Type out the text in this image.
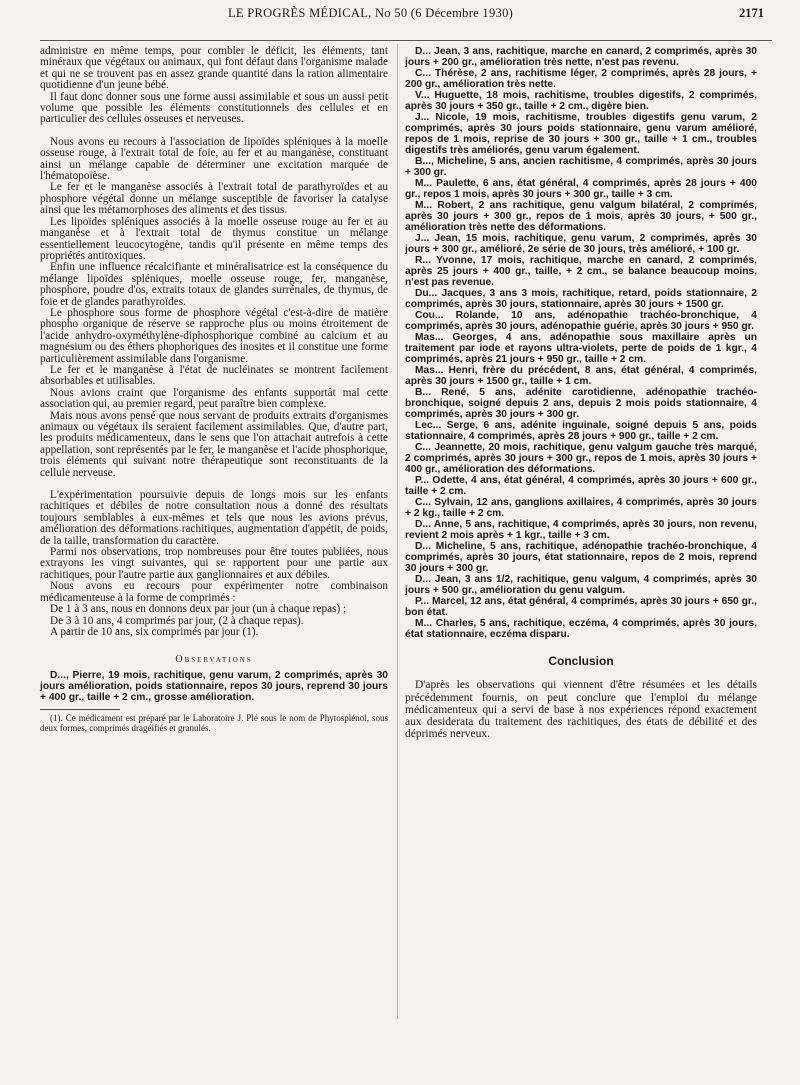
LE PROGRÈS MÉDICAL, No 50 (6 Décembre 1930)	2171

administre en même temps, pour combler le déficit, les éléments, tant minéraux que végétaux ou animaux, qui font défaut dans l'organisme malade et qui ne se trouvent pas en assez grande quantité dans la ration alimentaire quotidienne d'un jeune bébé.

Il faut donc donner sous une forme aussi assimilable et sous un aussi petit volume que possible les éléments constitutionnels des cellules et en particulier des cellules osseuses et nerveuses.

Nous avons eu recours à l'association de lipoïdes spléniques à la moelle osseuse rouge, à l'extrait total de foie, au fer et au manganèse, constituant ainsi un mélange capable de déterminer une excitation marquée de l'hématopoïèse.

Le fer et le manganèse associés à l'extrait total de parathyroïdes et au phosphore végétal donne un mélange susceptible de favoriser la catalyse ainsi que les métamorphoses des aliments et des tissus.

Les lipoïdes spléniques associés à la moelle osseuse rouge au fer et au manganèse et à l'extrait total de thymus constitue un mélange essentiellement leucocytogène, tandis qu'il présente en même temps des propriétés antitoxiques.

Enfin une influence récalcifiante et minéralisatrice est la conséquence du mélange lipoïdes spléniques, moelle osseuse rouge, fer, manganèse, phosphore, poudre d'os, extraits totaux de glandes surrénales, de thymus, de foie et de glandes parathyroïdes.

Le phosphore sous forme de phosphore végétal c'est-à-dire de matière phospho organique de réserve se rapproche plus ou moins étroitement de l'acide anhydro-oxyméthylène-diphosphorique combiné au calcium et au magnésium ou des éthers phophoriques des inosites et il constitue une forme particulièrement assimilable dans l'organisme.

Le fer et le manganèse à l'état de nucléinates se montrent facilement absorbables et utilisables.

Nous avions craint que l'organisme des enfants supportât mal cette association qui, au premier regard, peut paraître bien complexe.

Mais nous avons pensé que nous servant de produits extraits d'organismes animaux ou végétaux ils seraient facilement assimilables. Que, d'autre part, les produits médicamenteux, dans le sens que l'on attachait autrefois à cette appellation, sont représentés par le fer, le manganèse et l'acide phosphorique, trois éléments qui suivant notre thérapeutique sont reconstituants de la cellule nerveuse.

L'expérimentation poursuivie depuis de longs mois sur les enfants rachitiques et débiles de notre consultation nous a donné des résultats toujours semblables à eux-mêmes et tels que nous les avions prévus, amélioration des déformations rachitiques, augmentation d'appétit, de poids, de la taille, transformation du caractère.

Parmi nos observations, trop nombreuses pour être toutes publiées, nous extrayons les vingt suivantes, qui se rapportent pour une partie aux rachitiques, pour l'autre partie aux ganglionnaires et aux débiles.

Nous avons eu recours pour expérimenter notre combinaison médicamenteuse à la forme de comprimés :

De 1 à 3 ans, nous en donnons deux par jour (un à chaque repas) ;

De 3 à 10 ans, 4 comprimés par jour, (2 à chaque repas).

A partir de 10 ans, six comprimés par jour (1).

Observations

D..., Pierre, 19 mois, rachitique, genu varum, 2 comprimés, après 30 jours amélioration, poids stationnaire, repos 30 jours, reprend 30 jours + 400 gr., taille + 2 cm., grosse amélioration.

(1). Ce médicament est préparé par le Laboratoire J. Plé sous le nom de Phytosplénol, sous deux formes, comprimés dragéifiés et granulés.

D... Jean, 3 ans, rachitique, marche en canard, 2 comprimés, après 30 jours + 200 gr., amélioration très nette, n'est pas revenu.

C... Thérèse, 2 ans, rachitisme léger, 2 comprimés, après 28 jours, + 200 gr., amélioration très nette.

V... Huguette, 18 mois, rachitisme, troubles digestifs, 2 comprimés, après 30 jours + 350 gr., taille + 2 cm., digère bien.

J... Nicole, 19 mois, rachitisme, troubles digestifs genu varum, 2 comprimés, après 30 jours poids stationnaire, genu varum amélioré, repos de 1 mois, reprise de 30 jours + 300 gr., taille + 1 cm., troubles digestifs très améliorés, genu varum également.

B..., Micheline, 5 ans, ancien rachitisme, 4 comprimés, après 30 jours + 300 gr.

M... Paulette, 6 ans, état général, 4 comprimés, après 28 jours + 400 gr., repos 1 mois, après 30 jours + 300 gr., taille + 3 cm.

M... Robert, 2 ans rachitique, genu valgum bilatéral, 2 comprimés, après 30 jours + 300 gr., repos de 1 mois, après 30 jours, + 500 gr., amélioration très nette des déformations.

J... Jean, 15 mois, rachitique, genu varum, 2 comprimés, après 30 jours + 300 gr., amélioré, 2e série de 30 jours, très amélioré, + 100 gr.

R... Yvonne, 17 mois, rachitique, marche en canard, 2 comprimés, après 25 jours + 400 gr., taille, + 2 cm., se balance beaucoup moins, n'est pas revenue.

Du... Jacques, 3 ans 3 mois, rachitique, retard, poids stationnaire, 2 comprimés, après 30 jours, stationnaire, après 30 jours + 1500 gr.

Cou... Rolande, 10 ans, adénopathie trachéo-bronchique, 4 comprimés, après 30 jours, adénopathie guérie, après 30 jours + 950 gr.

Mas... Georges, 4 ans, adénopathie sous maxillaire après un traitement par iode et rayons ultra-violets, perte de poids de 1 kgr., 4 comprimés, après 21 jours + 950 gr., taille + 2 cm.

Mas... Henri, frère du précédent, 8 ans, état général, 4 comprimés, après 30 jours + 1500 gr., taille + 1 cm.

B... René, 5 ans, adénite carotidienne, adénopathie trachéo-bronchique, soigné depuis 2 ans, depuis 2 mois poids stationnaire, 4 comprimés, après 30 jours + 300 gr.

Lec... Serge, 6 ans, adénite inguinale, soigné depuis 5 ans, poids stationnaire, 4 comprimés, après 28 jours + 900 gr., taille + 2 cm.

C... Jeannette, 20 mois, rachitique, genu valgum gauche très marqué, 2 comprimés, après 30 jours + 300 gr., repos de 1 mois, après 30 jours + 400 gr., amélioration des déformations.

P... Odette, 4 ans, état général, 4 comprimés, après 30 jours + 600 gr., taille + 2 cm.

C... Sylvain, 12 ans, ganglions axillaires, 4 comprimés, après 30 jours + 2 kg., taille + 2 cm.

D... Anne, 5 ans, rachitique, 4 comprimés, après 30 jours, non revenu, revient 2 mois après + 1 kgr., taille + 3 cm.

D... Micheline, 5 ans, rachitique, adénopathie trachéo-bronchique, 4 comprimés, après 30 jours, état stationnaire, repos de 2 mois, reprend 30 jours + 300 gr.

D... Jean, 3 ans 1/2, rachitique, genu valgum, 4 comprimés, après 30 jours + 500 gr., amélioration du genu valgum.

P... Marcel, 12 ans, état général, 4 comprimés, après 30 jours + 650 gr., bon état.

M... Charles, 5 ans, rachitique, eczéma, 4 comprimés, après 30 jours, état stationnaire, eczéma disparu.

Conclusion

D'après les observations qui viennent d'être résumées et les détails précédemment fournis, on peut conclure que l'emploi du mélange médicamenteux qui a servi de base à nos expériences répond exactement aux desiderata du traitement des rachitiques, des états de débilité et des déprimés nerveux.
